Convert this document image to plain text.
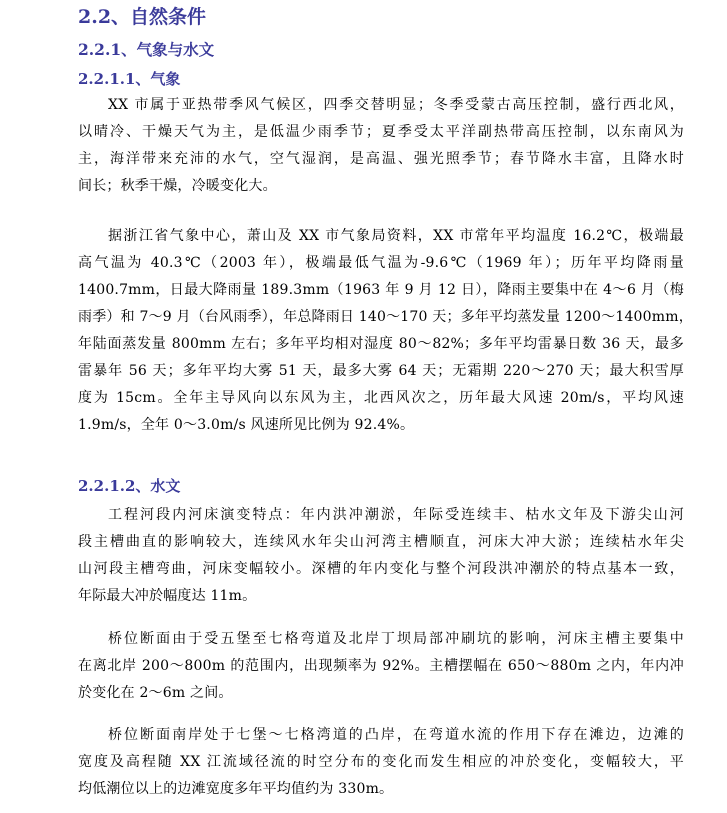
2.2、自然条件
2.2.1、气象与水文
2.2.1.1、气象
XX 市属于亚热带季风气候区，四季交替明显；冬季受蒙古高压控制，盛行西北风，
以晴冷、干燥天气为主，是低温少雨季节；夏季受太平洋副热带高压控制，以东南风为
主，海洋带来充沛的水气，空气湿润，是高温、强光照季节；春节降水丰富，且降水时
间长；秋季干燥，冷暖变化大。
据浙江省气象中心，萧山及 XX 市气象局资料，XX 市常年平均温度 16.2℃，极端最
高气温为 40.3℃（2003 年），极端最低气温为-9.6℃（1969 年）；历年平均降雨量
1400.7mm，日最大降雨量 189.3mm（1963 年 9 月 12 日），降雨主要集中在 4～6 月（梅
雨季）和 7～9 月（台风雨季），年总降雨日 140～170 天；多年平均蒸发量 1200～1400mm，
年陆面蒸发量 800mm 左右；多年平均相对湿度 80～82%；多年平均雷暴日数 36 天，最多
雷暴年 56 天；多年平均大雾 51 天，最多大雾 64 天；无霜期 220～270 天；最大积雪厚
度为 15cm。全年主导风向以东风为主，北西风次之，历年最大风速 20m/s，平均风速
1.9m/s，全年 0～3.0m/s 风速所见比例为 92.4%。
2.2.1.2、水文
工程河段内河床演变特点：年内洪冲潮淤，年际受连续丰、枯水文年及下游尖山河
段主槽曲直的影响较大，连续风水年尖山河湾主槽顺直，河床大冲大淤；连续枯水年尖
山河段主槽弯曲，河床变幅较小。深槽的年内变化与整个河段洪冲潮於的特点基本一致，
年际最大冲於幅度达 11m。
桥位断面由于受五堡至七格弯道及北岸丁坝局部冲刷坑的影响，河床主槽主要集中
在离北岸 200～800m 的范围内，出现频率为 92%。主槽摆幅在 650～880m 之内，年内冲
於变化在 2～6m 之间。
桥位断面南岸处于七堡～七格湾道的凸岸，在弯道水流的作用下存在滩边，边滩的
宽度及高程随 XX 江流域径流的时空分布的变化而发生相应的冲於变化，变幅较大，平
均低潮位以上的边滩宽度多年平均值约为 330m。
